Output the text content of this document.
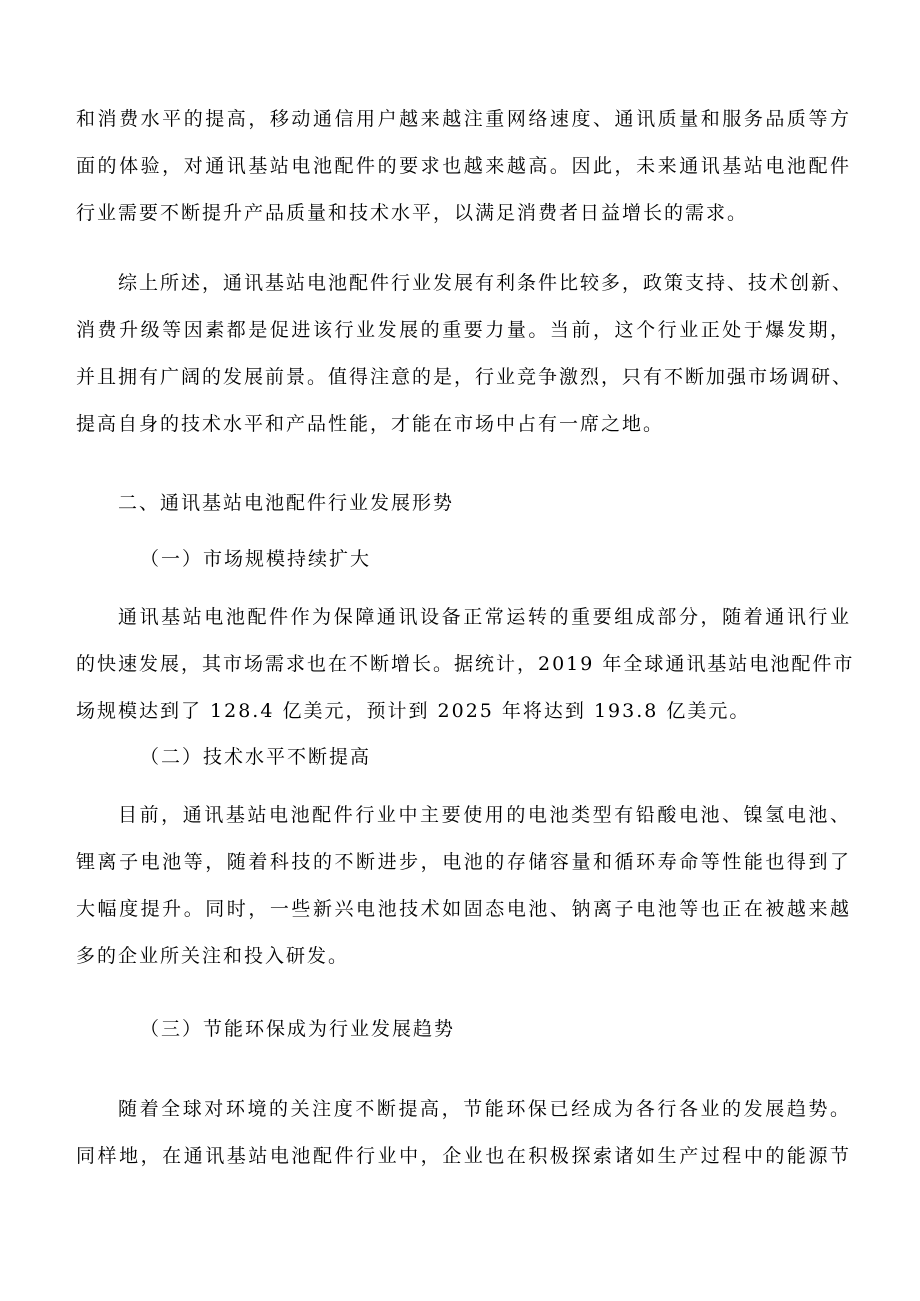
和消费水平的提高，移动通信用户越来越注重网络速度、通讯质量和服务品质等方
面的体验，对通讯基站电池配件的要求也越来越高。因此，未来通讯基站电池配件
行业需要不断提升产品质量和技术水平，以满足消费者日益增长的需求。

综上所述，通讯基站电池配件行业发展有利条件比较多，政策支持、技术创新、
消费升级等因素都是促进该行业发展的重要力量。当前，这个行业正处于爆发期，
并且拥有广阔的发展前景。值得注意的是，行业竞争激烈，只有不断加强市场调研、
提高自身的技术水平和产品性能，才能在市场中占有一席之地。

二、通讯基站电池配件行业发展形势
（一）市场规模持续扩大

通讯基站电池配件作为保障通讯设备正常运转的重要组成部分，随着通讯行业
的快速发展，其市场需求也在不断增长。据统计，2019 年全球通讯基站电池配件市
场规模达到了 128.4 亿美元，预计到 2025 年将达到 193.8 亿美元。

（二）技术水平不断提高

目前，通讯基站电池配件行业中主要使用的电池类型有铅酸电池、镍氢电池、
锂离子电池等，随着科技的不断进步，电池的存储容量和循环寿命等性能也得到了
大幅度提升。同时，一些新兴电池技术如固态电池、钠离子电池等也正在被越来越
多的企业所关注和投入研发。

（三）节能环保成为行业发展趋势

随着全球对环境的关注度不断提高，节能环保已经成为各行各业的发展趋势。
同样地，在通讯基站电池配件行业中，企业也在积极探索诸如生产过程中的能源节
